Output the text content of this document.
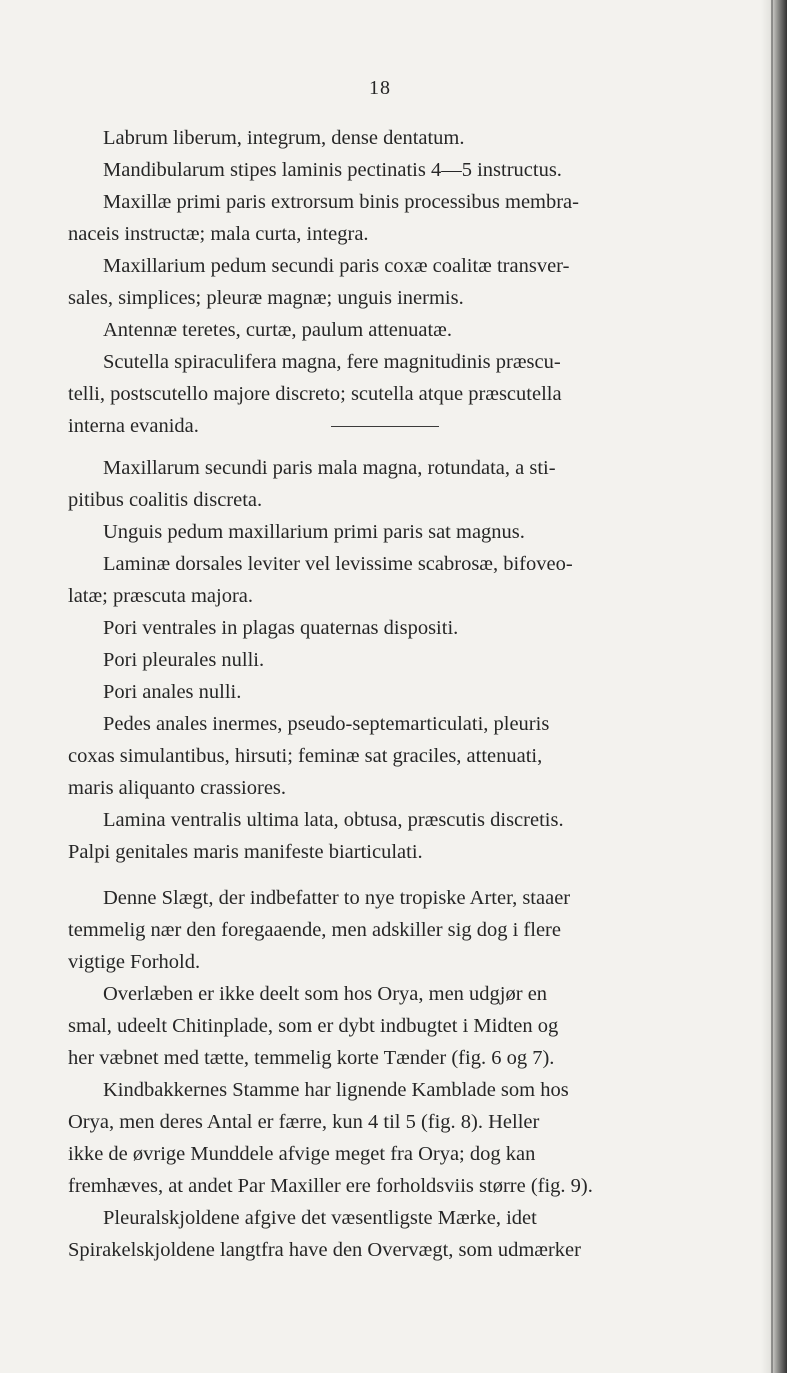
18
Labrum liberum, integrum, dense dentatum.
Mandibularum stipes laminis pectinatis 4—5 instructus.
Maxillæ primi paris extrorsum binis processibus membra-
naceis instructæ; mala curta, integra.
Maxillarium pedum secundi paris coxæ coalitæ transver-
sales, simplices; pleuræ magnæ; unguis inermis.
Antennæ teretes, curtæ, paulum attenuatæ.
Scutella spiraculifera magna, fere magnitudinis præscu-
telli, postscutello majore discreto; scutella atque præscutella
interna evanida.
Maxillarum secundi paris mala magna, rotundata, a sti-
pitibus coalitis discreta.
Unguis pedum maxillarium primi paris sat magnus.
Laminæ dorsales leviter vel levissime scabrosæ, bifoveo-
latæ; præscuta majora.
Pori ventrales in plagas quaternas dispositi.
Pori pleurales nulli.
Pori anales nulli.
Pedes anales inermes, pseudo-septemarticulati, pleuris
coxas simulantibus, hirsuti; feminæ sat graciles, attenuati,
maris aliquanto crassiores.
Lamina ventralis ultima lata, obtusa, præscutis discretis.
Palpi genitales maris manifeste biarticulati.
Denne Slægt, der indbefatter to nye tropiske Arter, staaer
temmelig nær den foregaaende, men adskiller sig dog i flere
vigtige Forhold.
Overlæben er ikke deelt som hos Orya, men udgjør en
smal, udeelt Chitinplade, som er dybt indbugtet i Midten og
her væbnet med tætte, temmelig korte Tænder (fig. 6 og 7).
Kindbakkernes Stamme har lignende Kamblade som hos
Orya, men deres Antal er færre, kun 4 til 5 (fig. 8). Heller
ikke de øvrige Munddele afvige meget fra Orya; dog kan
fremhæves, at andet Par Maxiller ere forholdsviis større (fig. 9).
Pleuralskjoldene afgive det væsentligste Mærke, idet
Spirakelskjoldene langtfra have den Overvægt, som udmærker
